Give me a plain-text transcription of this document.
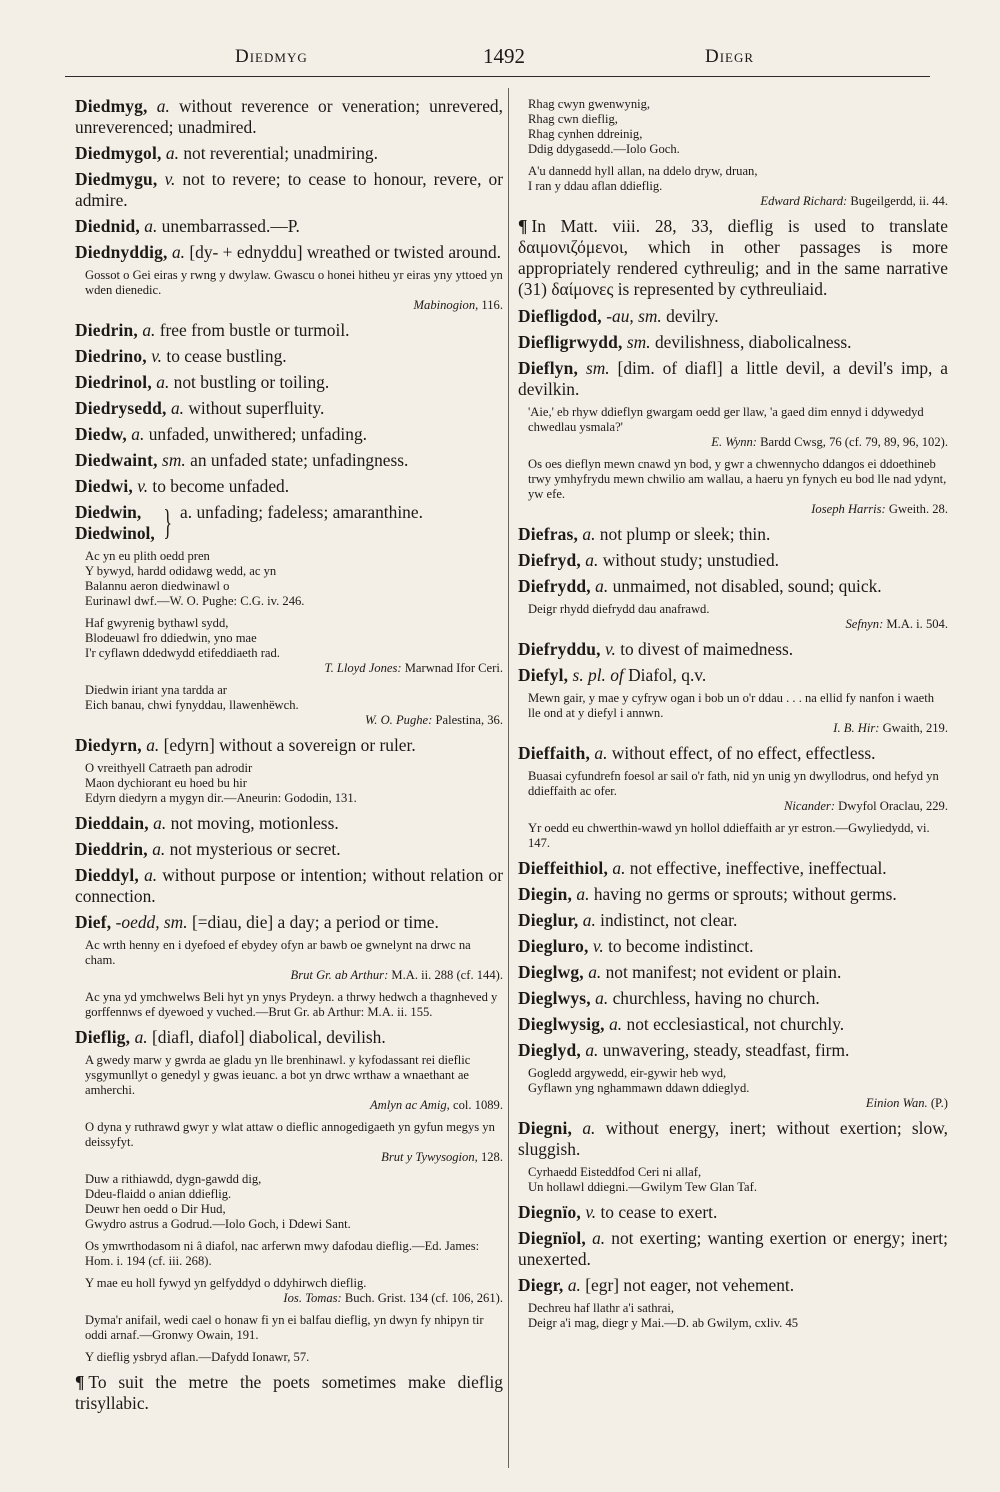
Diedmyg	1492	Diegr
Diedmyg, a. without reverence or veneration; unrevered, unreverenced; unadmired.
Diedmygol, a. not reverential; unadmiring.
Diedmygu, v. not to revere; to cease to honour, revere, or admire.
Diednid, a. unembarrassed.—P.
Diednyddig, a. [dy- + ednyddu] wreathed or twisted around.
Gossot o Gei eiras y rwng y dwylaw. Gwascu o honei hitheu yr eiras yny yttoed yn wden dienedic.
Mabinogion, 116.
Diedrin, a. free from bustle or turmoil.
Diedrino, v. to cease bustling.
Diedrinol, a. not bustling or toiling.
Diedrysedd, a. without superfluity.
Diedw, a. unfaded, unwithered; unfading.
Diedwaint, sm. an unfaded state; unfadingness.
Diedwi, v. to become unfaded.
Diedwin,
Diedwinol, } a. unfading; fadeless; amaranthine.
Ac yn eu plith oedd pren
Y bywyd, hardd odidawg wedd, ac yn
Balannu aeron diedwinawl o
Eurinawl dwf.—W. O. Pughe: C.G. iv. 246.
Haf gwyrenig bythawl sydd,
Blodeuawl fro ddiedwin, yno mae
I'r cyflawn ddedwydd etifeddiaeth rad.
T. Lloyd Jones: Marwnad Ifor Ceri.
Diedwin iriant yna tardda ar
Eich banau, chwi fynyddau, llawenhëwch.
W. O. Pughe: Palestina, 36.
Diedyrn, a. [edyrn] without a sovereign or ruler.
O vreithyell Catraeth pan adrodir
Maon dychiorant eu hoed bu hir
Edyrn diedyrn a mygyn dir.—Aneurin: Gododin, 131.
Dieddain, a. not moving, motionless.
Dieddrin, a. not mysterious or secret.
Dieddyl, a. without purpose or intention; without relation or connection.
Dief, -oedd, sm. [=diau, die] a day; a period or time.
Ac wrth henny en i dyefoed ef ebydey ofyn ar bawb oe gwnelynt na drwc na cham.
Brut Gr. ab Arthur: M.A. ii. 288 (cf. 144).
Ac yna yd ymchwelws Beli hyt yn ynys Prydeyn. a thrwy hedwch a thagnheved y gorffennws ef dyewoed y vuched.—Brut Gr. ab Arthur: M.A. ii. 155.
Dieflig, a. [diafl, diafol] diabolical, devilish.
A gwedy marw y gwrda ae gladu yn lle brenhinawl. y kyfodassant rei dieflic ysgymunllyt o genedyl y gwas ieuanc. a bot yn drwc wrthaw a wnaethant ae amherchi.
Amlyn ac Amig, col. 1089.
O dyna y ruthrawd gwyr y wlat attaw o dieflic annogedigaeth yn gyfun megys yn deissyfyt.
Brut y Tywysogion, 128.
Duw a rithiawdd, dygn-gawdd dig,
Ddeu-flaidd o anian ddieflig.
Deuwr hen oedd o Dir Hud,
Gwydro astrus a Godrud.—Iolo Goch, i Ddewi Sant.
Os ymwrthodasom ni â diafol, nac arferwn mwy dafodau dieflig.—Ed. James: Hom. i. 194 (cf. iii. 268).
Y mae eu holl fywyd yn gelfyddyd o ddyhirwch dieflig.
Ios. Tomas: Buch. Grist. 134 (cf. 106, 261).
Dyma'r anifail, wedi cael o honaw fi yn ei balfau dieflig, yn dwyn fy nhipyn tir oddi arnaf.—Gronwy Owain, 191.
Y dieflig ysbryd aflan.—Dafydd Ionawr, 57.
¶ To suit the metre the poets sometimes make dieflig trisyllabic.
Rhag cwyn gwenwynig,
Rhag cwn dieflig,
Rhag cynhen ddreinig,
Ddig ddygasedd.—Iolo Goch.
A'u dannedd hyll allan, na ddelo dryw, druan,
I ran y ddau aflan ddieflig.
Edward Richard: Bugeilgerdd, ii. 44.
¶ In Matt. viii. 28, 33, dieflig is used to translate δαιμονιζόμενοι, which in other passages is more appropriately rendered cythreulig; and in the same narrative (31) δαίμονες is represented by cythreuliaid.
Diefligdod, -au, sm. devilry.
Diefligrwydd, sm. devilishness, diabolicalness.
Dieflyn, sm. [dim. of diafl] a little devil, a devil's imp, a devilkin.
'Aie,' eb rhyw ddieflyn gwargam oedd ger llaw, 'a gaed dim ennyd i ddywedyd chwedlau ysmala?'
E. Wynn: Bardd Cwsg, 76 (cf. 79, 89, 96, 102).
Os oes dieflyn mewn cnawd yn bod, y gwr a chwennycho ddangos ei ddoethineb trwy ymhyfrydu mewn chwilio am wallau, a haeru yn fynych eu bod lle nad ydynt, yw efe.
Ioseph Harris: Gweith. 28.
Diefras, a. not plump or sleek; thin.
Diefryd, a. without study; unstudied.
Diefrydd, a. unmaimed, not disabled, sound; quick.
Deigr rhydd diefrydd dau anafrawd.
Sefnyn: M.A. i. 504.
Diefryddu, v. to divest of maimedness.
Diefyl, s. pl. of Diafol, q.v.
Mewn gair, y mae y cyfryw ogan i bob un o'r ddau . . . na ellid fy nanfon i waeth lle ond at y diefyl i annwn.
I. B. Hir: Gwaith, 219.
Dieffaith, a. without effect, of no effect, effectless.
Buasai cyfundrefn foesol ar sail o'r fath, nid yn unig yn dwyllodrus, ond hefyd yn ddieffaith ac ofer.
Nicander: Dwyfol Oraclau, 229.
Yr oedd eu chwerthin-wawd yn hollol ddieffaith ar yr estron.—Gwyliedydd, vi. 147.
Dieffeithiol, a. not effective, ineffective, ineffectual.
Diegin, a. having no germs or sprouts; without germs.
Dieglur, a. indistinct, not clear.
Diegluro, v. to become indistinct.
Dieglwg, a. not manifest; not evident or plain.
Dieglwys, a. churchless, having no church.
Dieglwysig, a. not ecclesiastical, not churchly.
Dieglyd, a. unwavering, steady, steadfast, firm.
Gogledd argywedd, eir-gywir heb wyd,
Gyflawn yng nghammawn ddawn ddieglyd.
Einion Wan. (P.)
Diegni, a. without energy, inert; without exertion; slow, sluggish.
Cyrhaedd Eisteddfod Ceri ni allaf,
Un hollawl ddiegni.—Gwilym Tew Glan Taf.
Diegnïo, v. to cease to exert.
Diegnïol, a. not exerting; wanting exertion or energy; inert; unexerted.
Diegr, a. [egr] not eager, not vehement.
Dechreu haf llathr a'i sathrai,
Deigr a'i mag, diegr y Mai.—D. ab Gwilym, cxliv. 45
